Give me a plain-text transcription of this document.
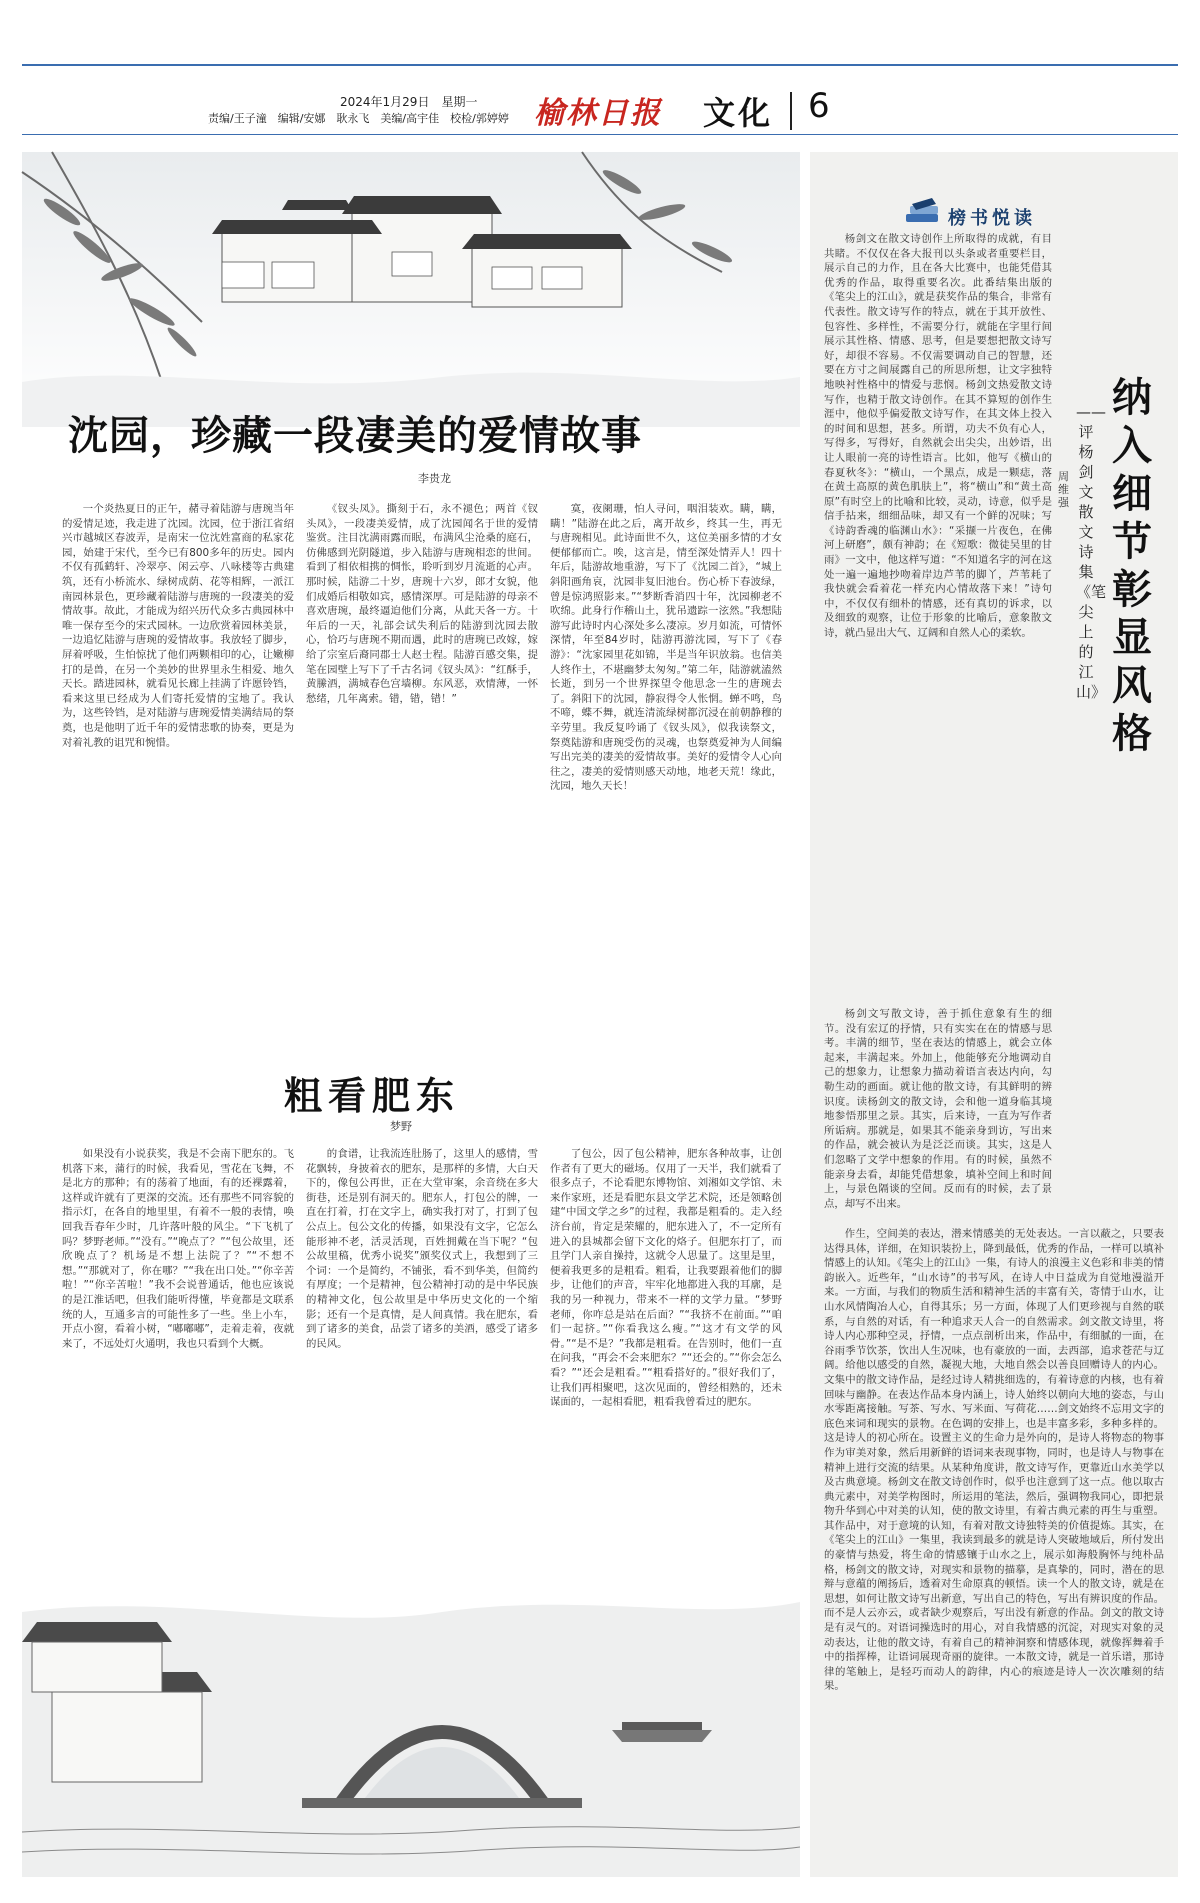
2024年1月29日　星期一
责编/王子潼　编辑/安娜　耿永飞　美编/高宇佳　校检/郭婷婷 榆林日报 文化 6
沈园，珍藏一段凄美的爱情故事
李贵龙

一个炎热夏日的正午，赭寻着陆游与唐琬当年的爱情足迹，我走进了沈园。沈园，位于浙江省绍兴市越城区春波弄，是南宋一位沈姓富商的私家花园，始建于宋代，至今已有800多年的历史。园内不仅有孤鹤轩、冷翠亭、闲云亭、八咏楼等古典建筑，还有小桥流水、绿树成荫、花等相辉，一派江南园林景色，更珍藏着陆游与唐琬的一段凄美的爱情故事。故此，才能成为绍兴历代众多古典园林中唯一保存至今的宋式园林。一边欣赏着园林美景，一边追忆陆游与唐琬的爱情故事。我放轻了脚步，屏着呼吸，生怕惊扰了他们两颗相印的心，让嫩柳打的是兽，在另一个美妙的世界里永生相爱、地久天长。踏进园林，就看见长廊上挂满了许愿铃铛，看来这里已经成为人们寄托爱情的宝地了。我认为，这些铃铛，是对陆游与唐琬爱情美满结局的祭奠，也是他明了近千年的爱情悲歌的协奏，更是为对着礼教的诅咒和惋惜。

《钗头凤》。撕刻于石，永不褪色；两首《钗头凤》，一段凄美爱情，成了沈园闻名于世的爱情鉴赏。注目沈满雨露而眠，布满风尘沧桑的庭石，仿佛感到光阴隧道，步入陆游与唐琬相恋的世间。看到了相依相携的惆怅，聆听到岁月流逝的心声。那时候，陆游二十岁，唐琬十六岁，郎才女貌，他们成婚后相敬如宾，感情深厚。可是陆游的母亲不喜欢唐琬，最终逼迫他们分离，从此天各一方。十年后的一天，礼部会试失利后的陆游到沈园去散心，恰巧与唐琬不期而遇，此时的唐琬已改嫁，嫁给了宗室后裔同郡士人赵士程。陆游百感交集，提笔在园壁上写下了千古名词《钗头凤》：“红酥手，黄縢酒，满城春色宫墙柳。东风恶，欢情薄，一怀愁绪，几年离索。错，错，错！”

寞，夜阑珊，怕人寻问，咽泪装欢。瞒，瞒，瞒！”陆游在此之后，离开故乡，终其一生，再无与唐琬相见。此诗面世不久，这位美丽多情的才女便郁郁而亡。唉，这言是，情至深处情弄人！四十年后，陆游故地重游，写下了《沈园二首》，“城上斜阳画角哀，沈园非复旧池台。伤心桥下春波绿，曾是惊鸿照影来。”“梦断香消四十年，沈园柳老不吹绵。此身行作稽山土，犹吊遗踪一泫然。”我想陆游写此诗时内心深处多么凄凉。岁月如流，可情怀深情，年至84岁时，陆游再游沈园，写下了《春游》：“沈家园里花如锦，半是当年识放翁。也信美人终作土，不堪幽梦太匆匆。”第二年，陆游就溘然长逝，到另一个世界探望令他思念一生的唐琬去了。斜阳下的沈园，静寂得令人怅惘。蝉不鸣，鸟不啼，蝶不舞，就连清流绿树都沉浸在前朝静穆的辛劳里。我反复吟诵了《钗头凤》，似我读祭文，祭奠陆游和唐琬受伤的灵魂，也祭奠爱神为人间编写出完美的凄美的爱情故事。美好的爱情令人心向往之，凄美的爱情则感天动地，地老天荒！缘此，沈园，地久天长！

粗看肥东
梦野

如果没有小说获奖，我是不会南下肥东的。飞机落下来，蒲行的时候，我看见，雪花在飞舞，不是北方的那种；有的荡着了地面，有的还裸露着，这样或许就有了更深的交流。还有那些不同容貌的指示灯，在各自的地里里，有着不一般的表情，唤回我吾春年少时，几许落叶般的风尘。“下飞机了吗？梦野老师。”“没有。”“晚点了？”“包公故里，还欣晚点了？机场是不想上法院了？”“不想不想。”“那就对了，你在哪？”“我在出口处。”“你辛苦啦！”“你辛苦啦！”我不会说普通话，他也应该说的是江淮话吧，但我们能听得懂，毕竟都是文联系统的人，互通多言的可能性多了一些。坐上小车，开点小窗，看着小树，“嘟嘟嘟”，走着走着，夜就来了，不远处灯火通明，我也只看到个大概。

的食谱，让我流连肚肠了，这里人的感情，雪花飘转，身披着衣的肥东，是那样的多情，大白天下的，像包公再世，正在大堂审案，余音绕在多大街巷，还是别有洞天的。肥东人，打包公的牌，一直在打着，打在文字上，确实我打对了，打到了包公点上。包公文化的传播，如果没有文字，它怎么能形神不老，活灵活现，百姓拥戴在当下呢？“包公故里稿，优秀小说奖”颁奖仪式上，我想到了三个词：一个是简约，不铺张，看不到华美，但简约有厚度；一个是精神，包公精神打动的是中华民族的精神文化，包公故里是中华历史文化的一个缩影；还有一个是真情，是人间真情。我在肥东，看到了诸多的美食，品尝了诸多的美酒，感受了诸多的民风。

了包公，因了包公精神，肥东各种故事，让创作者有了更大的磁场。仅用了一天半，我们就看了很多点子，不论看肥东博物馆、刘湘如文学馆、未来作家班，还是看肥东县文学艺术院，还是领略创建“中国文学之乡”的过程，我都是粗看的。走入经济台前，肯定是荣耀的，肥东进入了，不一定所有进入的县城都会留下文化的烙子。但肥东打了，而且学门人亲自操持，这就令人思量了。这里是里，便着我更多的是粗看。粗看，让我要跟着他们的脚步，让他们的声音，牢牢化地都进入我的耳廓，是我的另一种视力，带来不一样的文学力量。“梦野老师，你咋总是站在后面？”“我挤不在前面。”“咱们一起挤。”“你看我这么瘦。”“这才有文学的风骨。”“是不是？”我都是粗看。在告别时，他们一直在问我，“再会不会来肥东？”“还会的。”“你会怎么看？”“还会是粗看。”“粗看搭好的。”很好我们了，让我们再相聚吧，这次见面的，曾经相熟的，还未谋面的，一起相看肥，粗看我曾看过的肥东。

榜书悦读

杨剑文在散文诗创作上所取得的成就，有目共睹。不仅仅在各大报刊以头条或者重要栏目，展示自己的力作，且在各大比赛中，也能凭借其优秀的作品，取得重要名次。此番结集出版的《笔尖上的江山》，就是获奖作品的集合，非常有代表性。散文诗写作的特点，就在于其开放性、包容性、多样性，不需要分行，就能在字里行间展示其性格、情感、思考，但是要想把散文诗写好，却很不容易。不仅需要调动自己的智慧，还要在方寸之间展露自己的所思所想，让文字独特地映衬性格中的情爱与悲悯。杨剑文热爱散文诗写作，也精于散文诗创作。在其不算短的创作生涯中，他似乎偏爱散文诗写作，在其文体上投入的时间和思想，甚多。所谓，功夫不负有心人，写得多，写得好，自然就会出尖尖，出妙语，出让人眼前一亮的诗性语言。比如，他写《横山的春夏秋冬》：“横山，一个黑点，成是一颗痣，落在黄土高原的黄色肌肤上”，将“横山”和“黄土高原”有时空上的比喻和比较，灵动，诗意，似乎是信手拈来，细细品味，却又有一个鲜的况味；写《诗韵香魂的临渊山水》：“采撷一片夜色，在佛河上研磨”，颇有神韵；在《短歌：微徒吴里的甘雨》一文中，他这样写道：“不知道名字的河在这处一遍一遍地抄吻着岸边芦苇的脚丫，芦苇耗了我快就会看着花一样充内心情故落下来！”诗句中，不仅仅有细朴的情感，还有真切的诉求，以及细致的观察，让位于形象的比喻后，意象散文诗，就凸显出大气、辽阔和自然人心的柔软。

纳入细节　彰显风格
——评杨剑文散文诗集《笔尖上的江山》
周维强

杨剑文写散文诗，善于抓住意象有生的细节。没有宏辽的抒情，只有实实在在的情感与思考。丰满的细节，坚在表达的情感上，就会立体起来，丰满起来。外加上，他能够充分地调动自己的想象力，让想象力描动着语言表达内向，勾勒生动的画面。就让他的散文诗，有其鲜明的辨识度。读杨剑文的散文诗，会和他一道身临其境地参悟那里之景。其实，后来诗，一直为写作者所诟病。那就是，如果其不能亲身到访，写出来的作品，就会被认为是泛泛而谈。其实，这是人们忽略了文学中想象的作用。有的时候，虽然不能亲身去看，却能凭借想象，填补空间上和时间上，与景色隔谈的空间。反而有的时候，去了景点，却写不出来。

作生，空间美的表达，潜来情感美的无处表达。一言以蔽之，只要表达得具体，详细，在知识装扮上，降到最低，优秀的作品，一样可以填补情感上的认知。《笔尖上的江山》一集，有诗人的浪漫主义色彩和非美的情韵嵌入。近些年，“山水诗”的书写风，在诗人中日益成为自觉地漫溢开来。一方面，与我们的物质生活和精神生活的丰富有关，寄情于山水，让山水风情陶冶人心，自得其乐；另一方面，体现了人们更珍视与自然的联系，与自然的对话，有一种追求天人合一的自然需求。剑文散文诗里，将诗人内心那种空灵，抒情，一点点剖析出来，作品中，有细腻的一面，在谷雨季节饮茶，饮出人生况味，也有豪放的一面，去西部，追求苍茫与辽阔。给他以感受的自然，凝视大地，大地自然会以善良回赠诗人的内心。文集中的散文诗作品，是经过诗人精挑细选的，有着诗意的内核，也有着回味与幽静。在表达作品本身内涵上，诗人始终以朝向大地的姿态，与山水零距离接触。写茶、写水、写米面、写荷花……剑文始终不忘用文字的底色来词和现实的景物。在色调的安排上，也是丰富多彩，多种多样的。这是诗人的初心所在。设置主义的生命力是外向的，是诗人将物态的物事作为审美对象，然后用新鲜的语词来表现事物，同时，也是诗人与物事在精神上进行交流的结果。从某种角度讲，散文诗写作，更靠近山水美学以及古典意境。杨剑文在散文诗创作时，似乎也注意到了这一点。他以取古典元素中，对美学构图时，所运用的笔法，然后，强调物我同心，即把景物升华到心中对美的认知，使的散文诗里，有着古典元素的再生与重塑。其作品中，对于意境的认知，有着对散文诗独特美的价值提炼。其实，在《笔尖上的江山》一集里，我读到最多的就是诗人突破地域后，所付发出的豪情与热爱，将生命的情感镶于山水之上，展示如海般胸怀与纯朴品格，杨剑文的散文诗，对现实和景物的描摹，是真挚的，同时，潜在的思辩与意蕴的阐扬后，透着对生命原真的顿悟。读一个人的散文诗，就是在思想，如何让散文诗写出新意，写出自己的特色，写出有辨识度的作品。而不是人云亦云，或者缺少观察后，写出没有新意的作品。剑文的散文诗是有灵气的。对语词操选时的用心，对自我情感的沉淀，对现实对象的灵动表达，让他的散文诗，有着自己的精神洞察和情感体现，就像挥舞着手中的指挥棒，让语词展现奇丽的旋律。一本散文诗，就是一首乐谱，那诗律的笔触上，是轻巧而动人的韵律，内心的痕迹是诗人一次次雕刻的结果。
